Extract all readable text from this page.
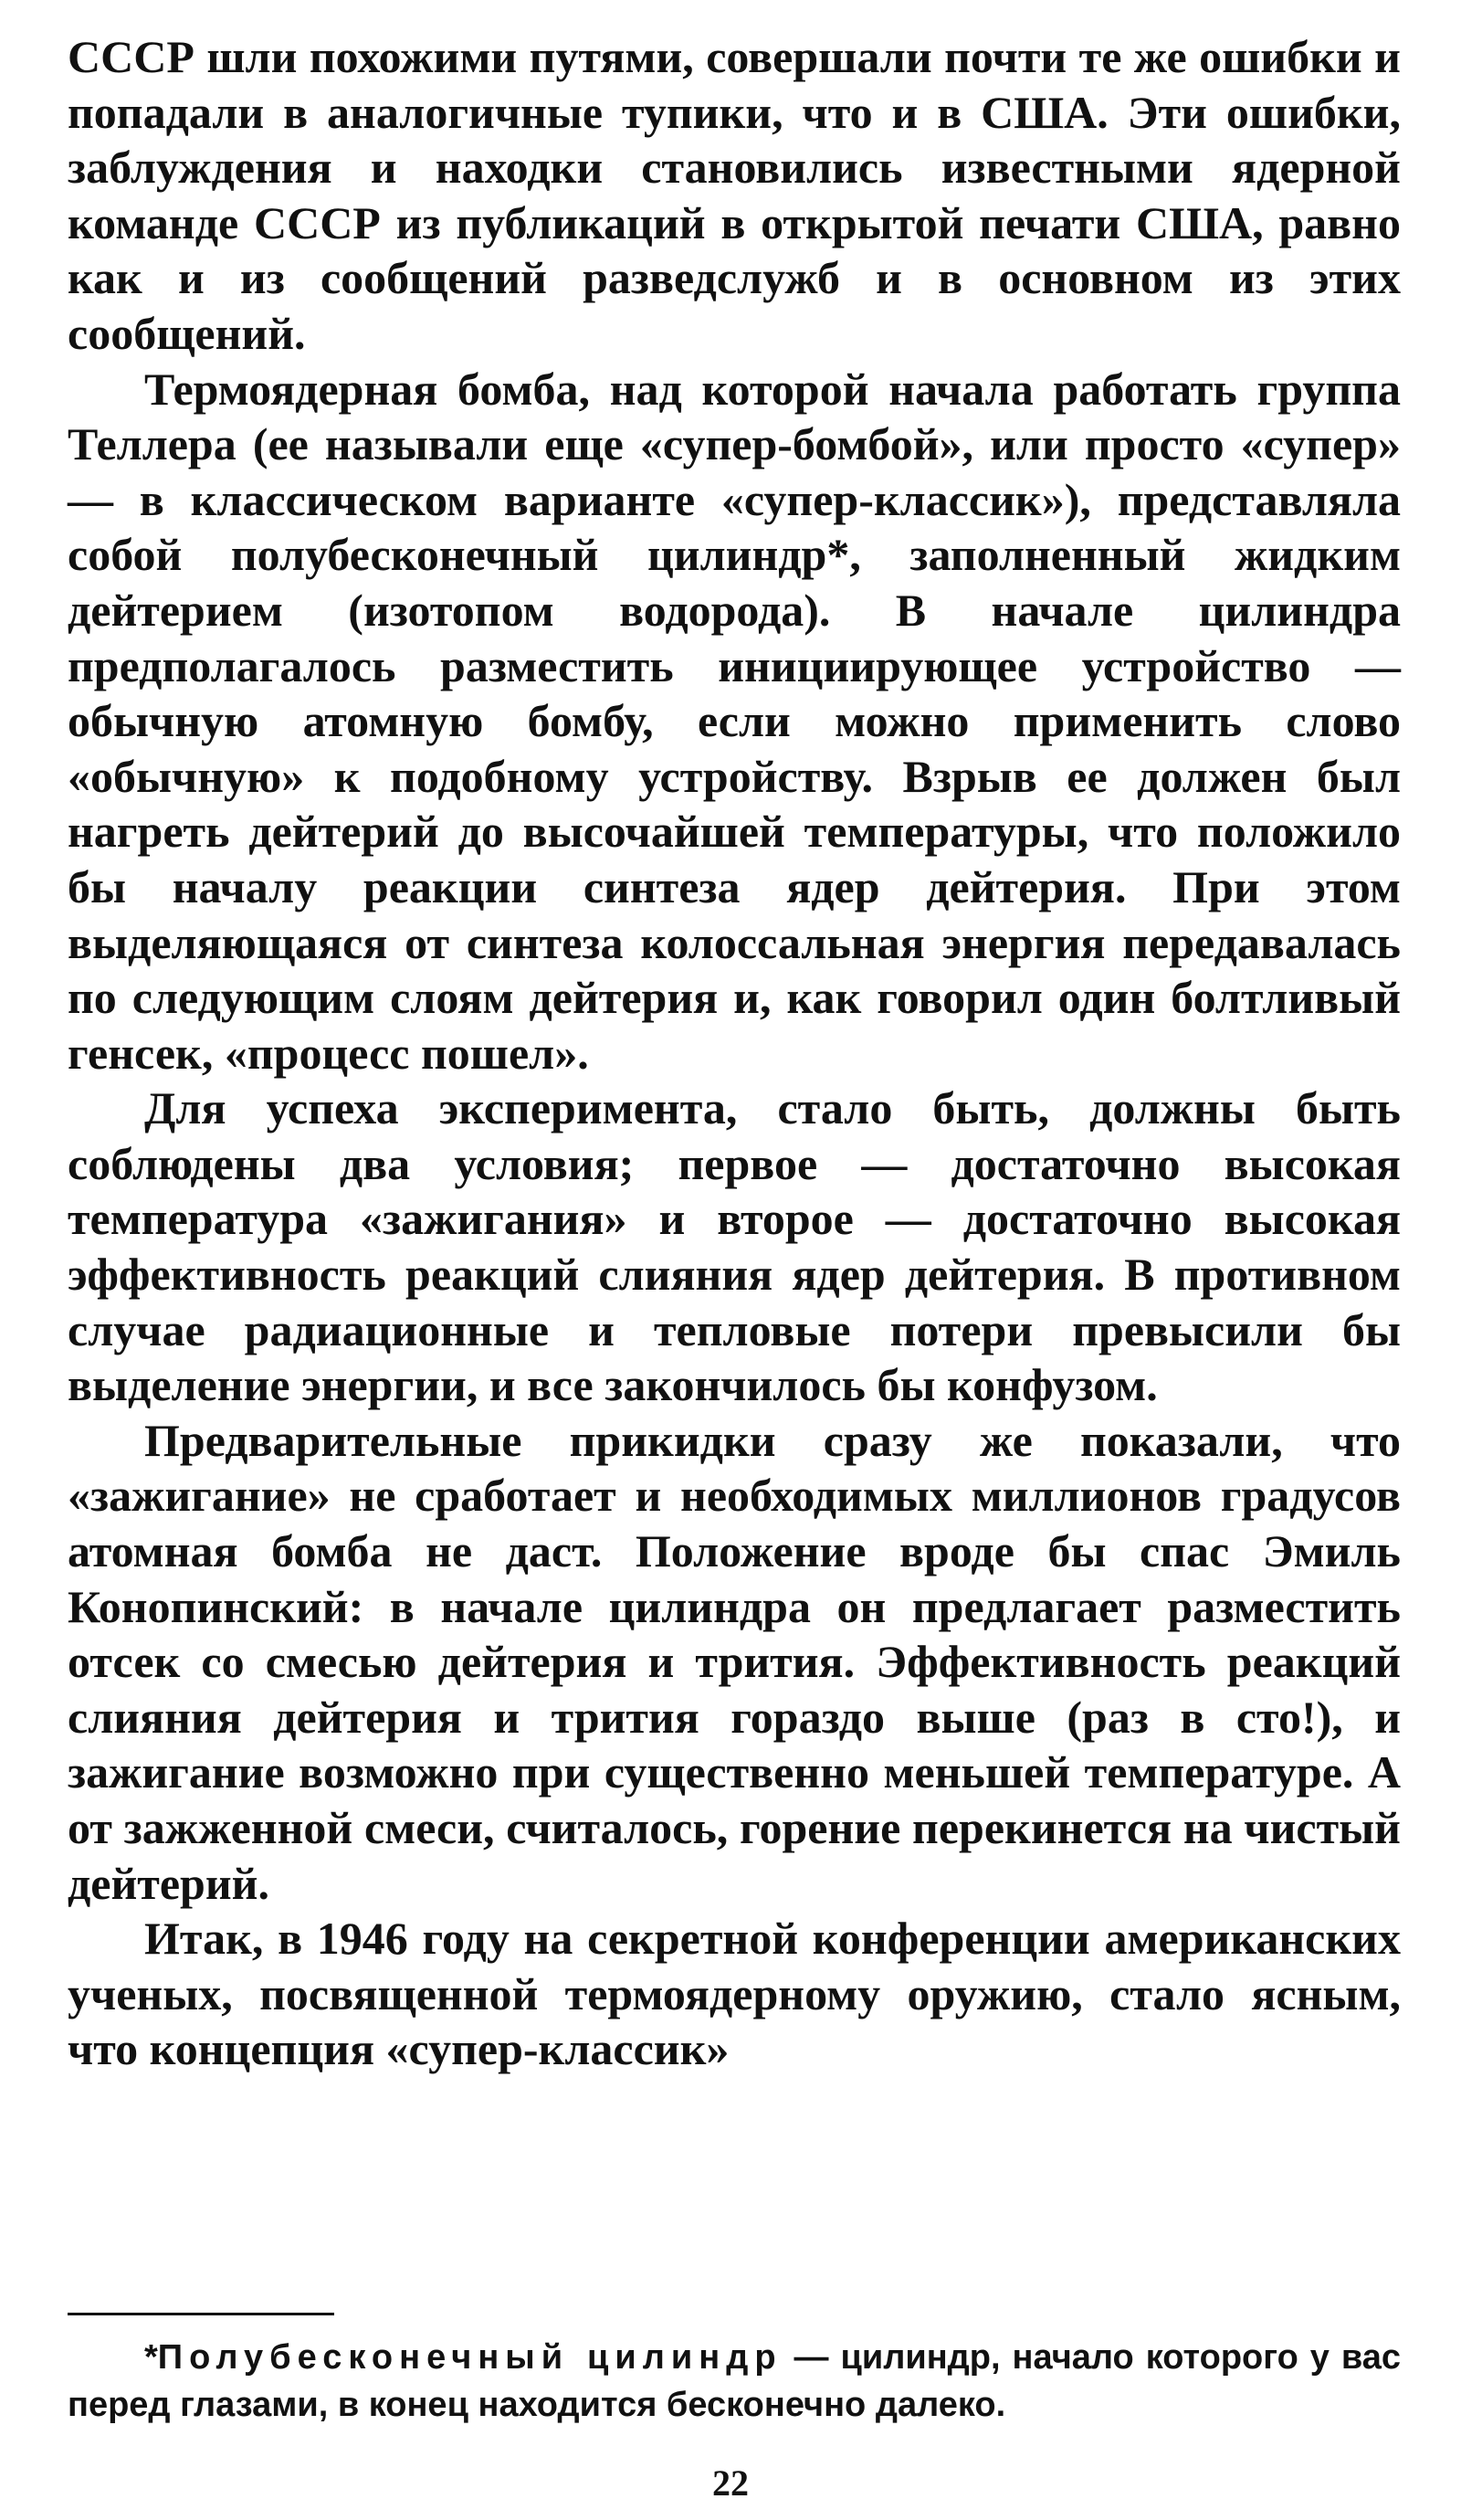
СССР шли похожими путями, совершали почти те же ошибки и попадали в аналогичные тупики, что и в США. Эти ошибки, заблуждения и находки становились известными ядерной команде СССР из публикаций в открытой печати США, равно как и из сообщений разведслужб и в основном из этих сообщений.

Термоядерная бомба, над которой начала работать группа Теллера (ее называли еще «супер-бомбой», или просто «супер» — в классическом варианте «супер-классик»), представляла собой полубесконечный цилиндр*, заполненный жидким дейтерием (изотопом водорода). В начале цилиндра предполагалось разместить инициирующее устройство — обычную атомную бомбу, если можно применить слово «обычную» к подобному устройству. Взрыв ее должен был нагреть дейтерий до высочайшей температуры, что положило бы началу реакции синтеза ядер дейтерия. При этом выделяющаяся от синтеза колоссальная энергия передавалась по следующим слоям дейтерия и, как говорил один болтливый генсек, «процесс пошел».

Для успеха эксперимента, стало быть, должны быть соблюдены два условия; первое — достаточно высокая температура «зажигания» и второе — достаточно высокая эффективность реакций слияния ядер дейтерия. В противном случае радиационные и тепловые потери превысили бы выделение энергии, и все закончилось бы конфузом.

Предварительные прикидки сразу же показали, что «зажигание» не сработает и необходимых миллионов градусов атомная бомба не даст. Положение вроде бы спас Эмиль Конопинский: в начале цилиндра он предлагает разместить отсек со смесью дейтерия и трития. Эффективность реакций слияния дейтерия и трития гораздо выше (раз в сто!), и зажигание возможно при существенно меньшей температуре. А от зажженной смеси, считалось, горение перекинется на чистый дейтерий.

Итак, в 1946 году на секретной конференции американских ученых, посвященной термоядерному оружию, стало ясным, что концепция «супер-классик»

*Полубесконечный цилиндр — цилиндр, начало которого у вас перед глазами, в конец находится бесконечно далеко.

22
